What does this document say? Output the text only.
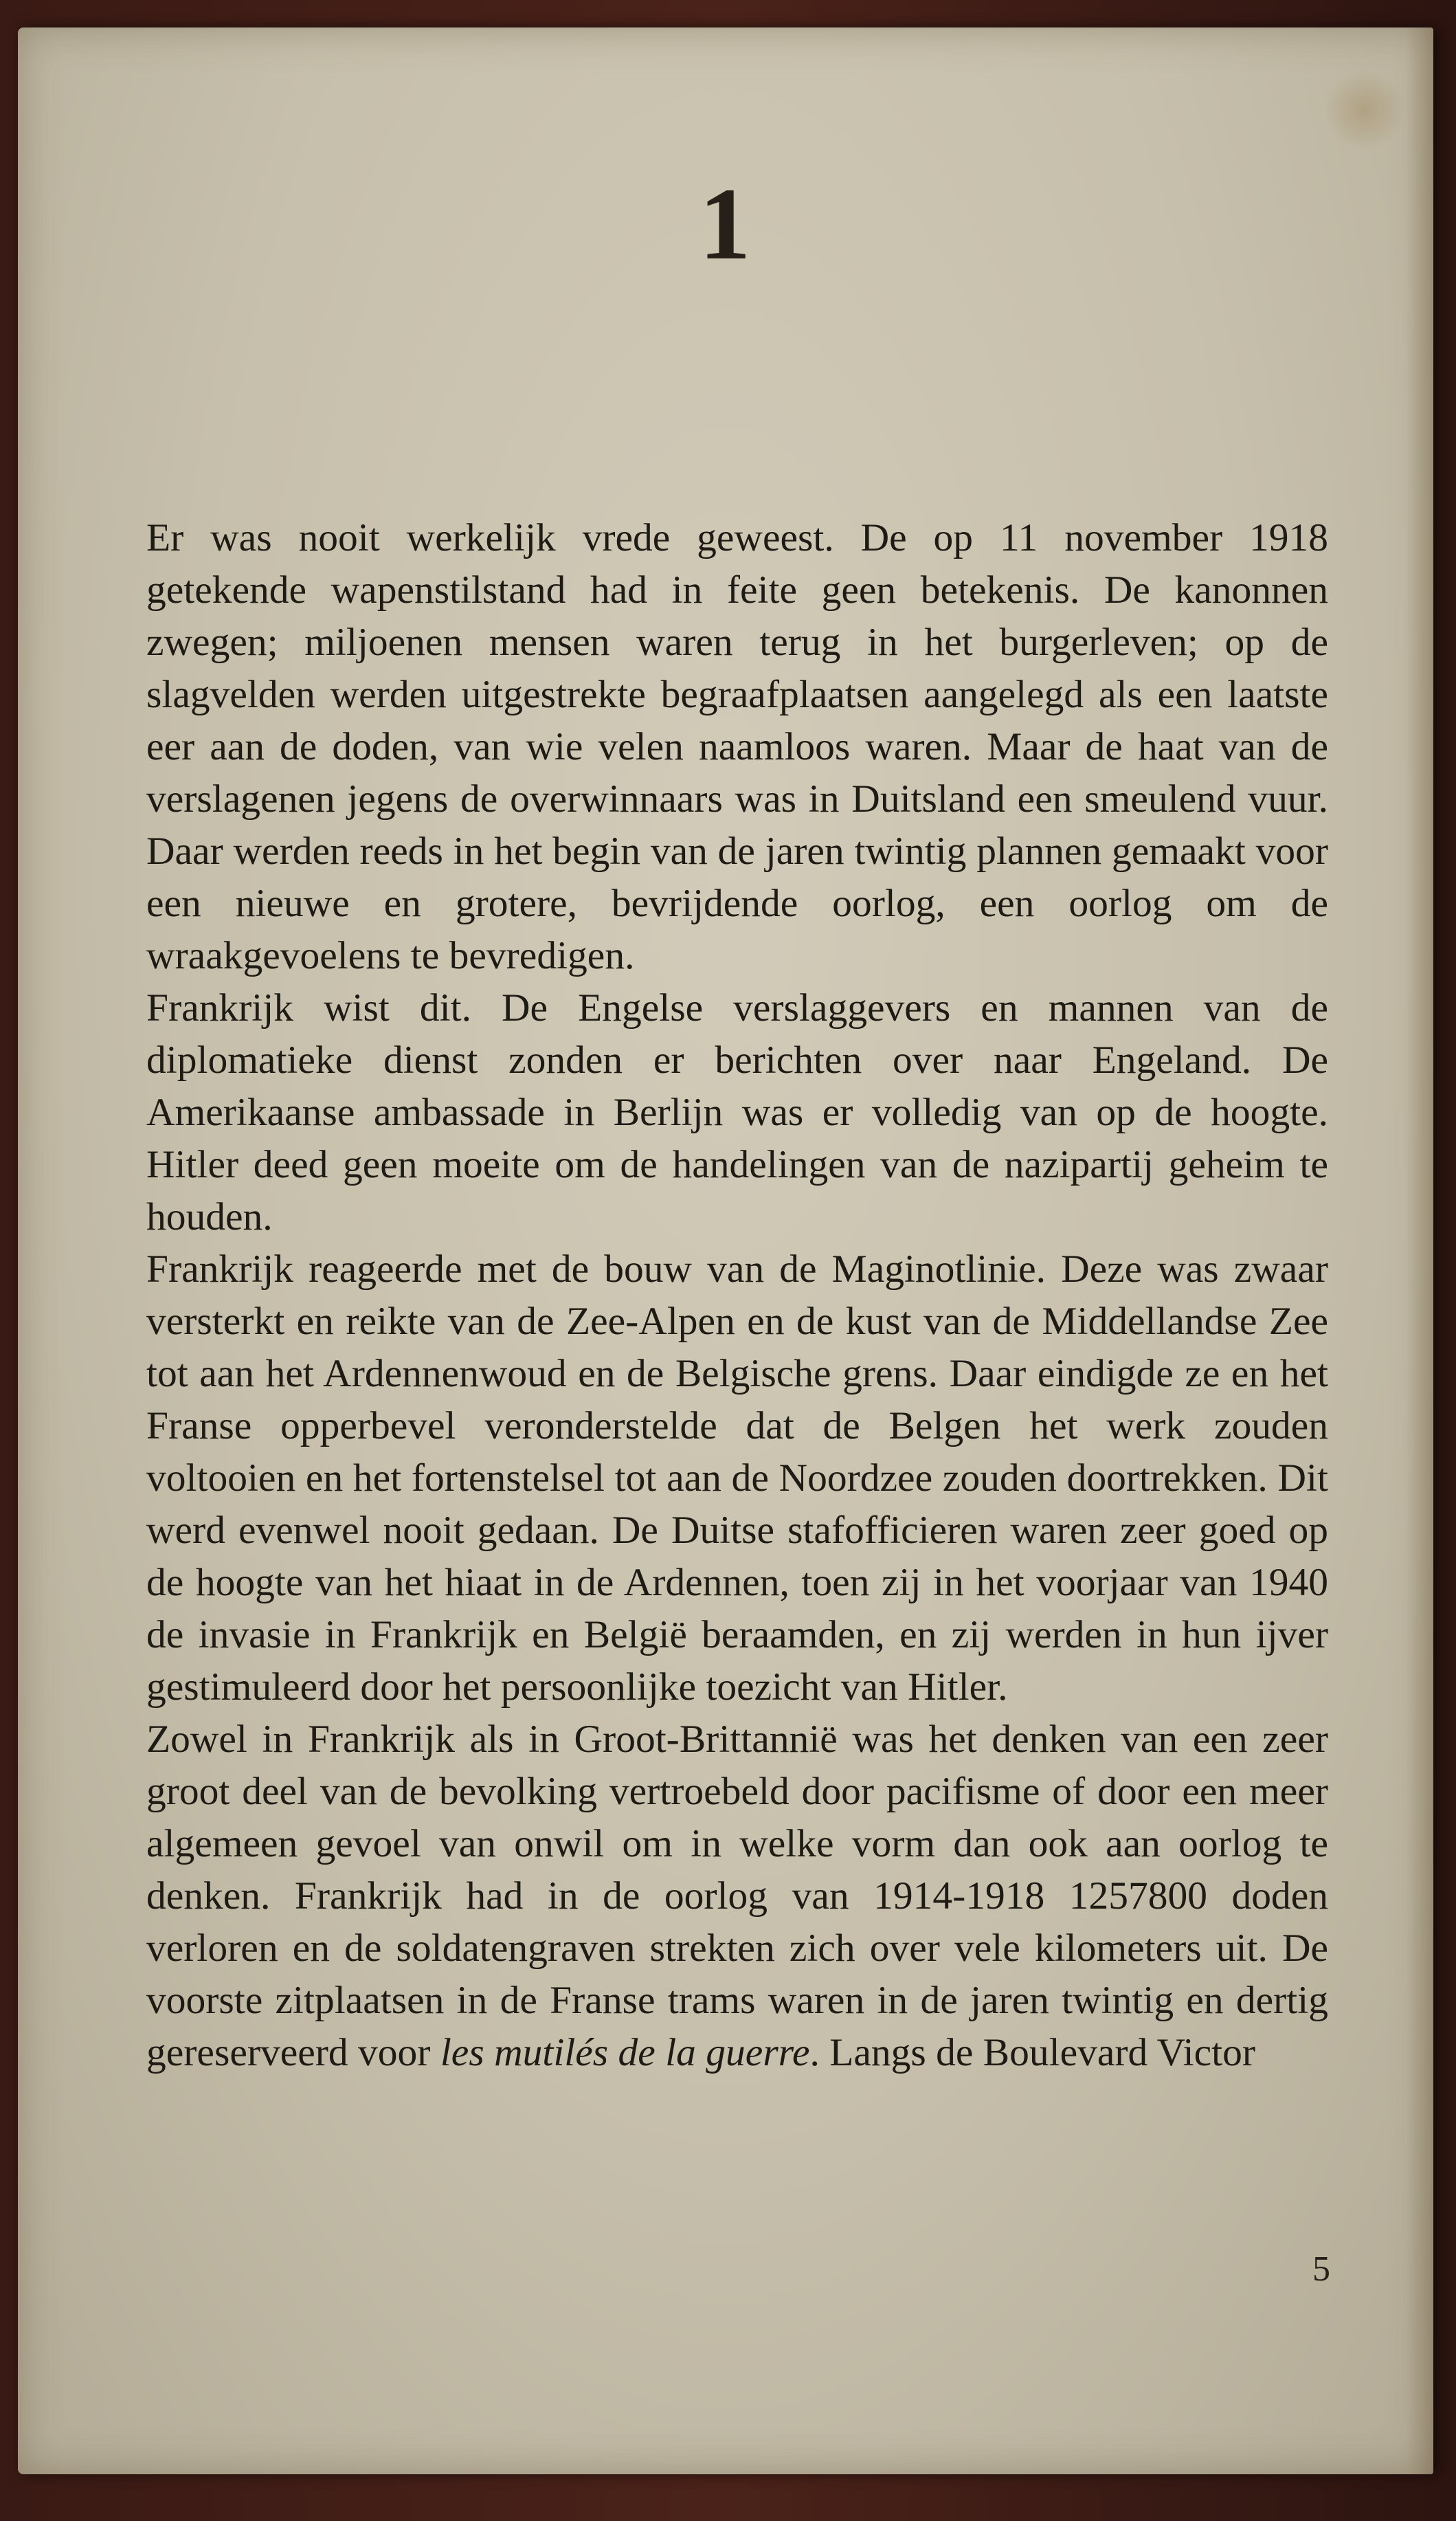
1

Er was nooit werkelijk vrede geweest. De op 11 november 1918 getekende wapenstilstand had in feite geen betekenis. De kanonnen zwegen; miljoenen mensen waren terug in het burgerleven; op de slagvelden werden uitgestrekte begraafplaatsen aangelegd als een laatste eer aan de doden, van wie velen naamloos waren. Maar de haat van de verslagenen jegens de overwinnaars was in Duitsland een smeulend vuur. Daar werden reeds in het begin van de jaren twintig plannen gemaakt voor een nieuwe en grotere, bevrijdende oorlog, een oorlog om de wraakgevoelens te bevredigen.

Frankrijk wist dit. De Engelse verslaggevers en mannen van de diplomatieke dienst zonden er berichten over naar Engeland. De Amerikaanse ambassade in Berlijn was er volledig van op de hoogte. Hitler deed geen moeite om de handelingen van de nazipartij geheim te houden.

Frankrijk reageerde met de bouw van de Maginotlinie. Deze was zwaar versterkt en reikte van de Zee-Alpen en de kust van de Middellandse Zee tot aan het Ardennenwoud en de Belgische grens. Daar eindigde ze en het Franse opperbevel veronderstelde dat de Belgen het werk zouden voltooien en het fortenstelsel tot aan de Noordzee zouden doortrekken. Dit werd evenwel nooit gedaan. De Duitse stafofficieren waren zeer goed op de hoogte van het hiaat in de Ardennen, toen zij in het voorjaar van 1940 de invasie in Frankrijk en België beraamden, en zij werden in hun ijver gestimuleerd door het persoonlijke toezicht van Hitler.

Zowel in Frankrijk als in Groot-Brittannië was het denken van een zeer groot deel van de bevolking vertroebeld door pacifisme of door een meer algemeen gevoel van onwil om in welke vorm dan ook aan oorlog te denken. Frankrijk had in de oorlog van 1914-1918 1257800 doden verloren en de soldatengraven strekten zich over vele kilometers uit. De voorste zitplaatsen in de Franse trams waren in de jaren twintig en dertig gereserveerd voor les mutilés de la guerre. Langs de Boulevard Victor

5
